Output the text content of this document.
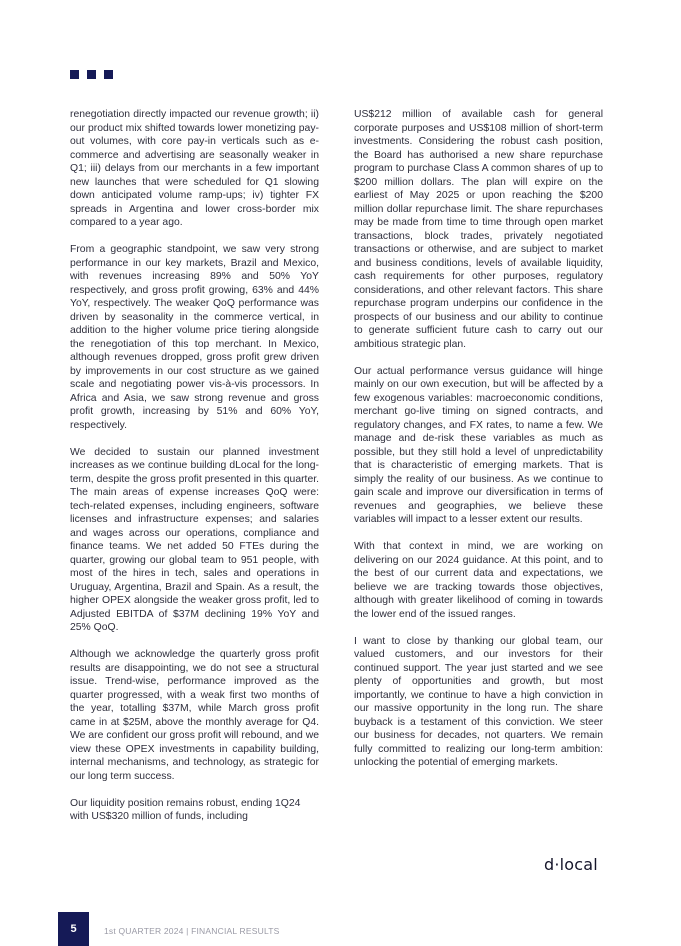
renegotiation directly impacted our revenue growth; ii) our product mix shifted towards lower monetizing pay-out volumes, with core pay-in verticals such as e-commerce and advertising are seasonally weaker in Q1; iii) delays from our merchants in a few important new launches that were scheduled for Q1 slowing down anticipated volume ramp-ups; iv) tighter FX spreads in Argentina and lower cross-border mix compared to a year ago.

From a geographic standpoint, we saw very strong performance in our key markets, Brazil and Mexico, with revenues increasing 89% and 50% YoY respectively, and gross profit growing, 63% and 44% YoY, respectively. The weaker QoQ performance was driven by seasonality in the commerce vertical, in addition to the higher volume price tiering alongside the renegotiation of this top merchant. In Mexico, although revenues dropped, gross profit grew driven by improvements in our cost structure as we gained scale and negotiating power vis-à-vis processors. In Africa and Asia, we saw strong revenue and gross profit growth, increasing by 51% and 60% YoY, respectively.

We decided to sustain our planned investment increases as we continue building dLocal for the long-term, despite the gross profit presented in this quarter. The main areas of expense increases QoQ were: tech-related expenses, including engineers, software licenses and infrastructure expenses; and salaries and wages across our operations, compliance and finance teams. We net added 50 FTEs during the quarter, growing our global team to 951 people, with most of the hires in tech, sales and operations in Uruguay, Argentina, Brazil and Spain. As a result, the higher OPEX alongside the weaker gross profit, led to Adjusted EBITDA of $37M declining 19% YoY and 25% QoQ.

Although we acknowledge the quarterly gross profit results are disappointing, we do not see a structural issue. Trend-wise, performance improved as the quarter progressed, with a weak first two months of the year, totalling $37M, while March gross profit came in at $25M, above the monthly average for Q4. We are confident our gross profit will rebound, and we view these OPEX investments in capability building, internal mechanisms, and technology, as strategic for our long term success.

Our liquidity position remains robust, ending 1Q24 with US$320 million of funds, including

US$212 million of available cash for general corporate purposes and US$108 million of short-term investments. Considering the robust cash position, the Board has authorised a new share repurchase program to purchase Class A common shares of up to $200 million dollars. The plan will expire on the earliest of May 2025 or upon reaching the $200 million dollar repurchase limit. The share repurchases may be made from time to time through open market transactions, block trades, privately negotiated transactions or otherwise, and are subject to market and business conditions, levels of available liquidity, cash requirements for other purposes, regulatory considerations, and other relevant factors. This share repurchase program underpins our confidence in the prospects of our business and our ability to continue to generate sufficient future cash to carry out our ambitious strategic plan.

Our actual performance versus guidance will hinge mainly on our own execution, but will be affected by a few exogenous variables: macroeconomic conditions, merchant go-live timing on signed contracts, and regulatory changes, and FX rates, to name a few. We manage and de-risk these variables as much as possible, but they still hold a level of unpredictability that is characteristic of emerging markets. That is simply the reality of our business. As we continue to gain scale and improve our diversification in terms of revenues and geographies, we believe these variables will impact to a lesser extent our results.

With that context in mind, we are working on delivering on our 2024 guidance. At this point, and to the best of our current data and expectations, we believe we are tracking towards those objectives, although with greater likelihood of coming in towards the lower end of the issued ranges.

I want to close by thanking our global team, our valued customers, and our investors for their continued support. The year just started and we see plenty of opportunities and growth, but most importantly, we continue to have a high conviction in our massive opportunity in the long run. The share buyback is a testament of this conviction. We steer our business for decades, not quarters. We remain fully committed to realizing our long-term ambition: unlocking the potential of emerging markets.

d·local
5	1st QUARTER 2024 | FINANCIAL RESULTS
